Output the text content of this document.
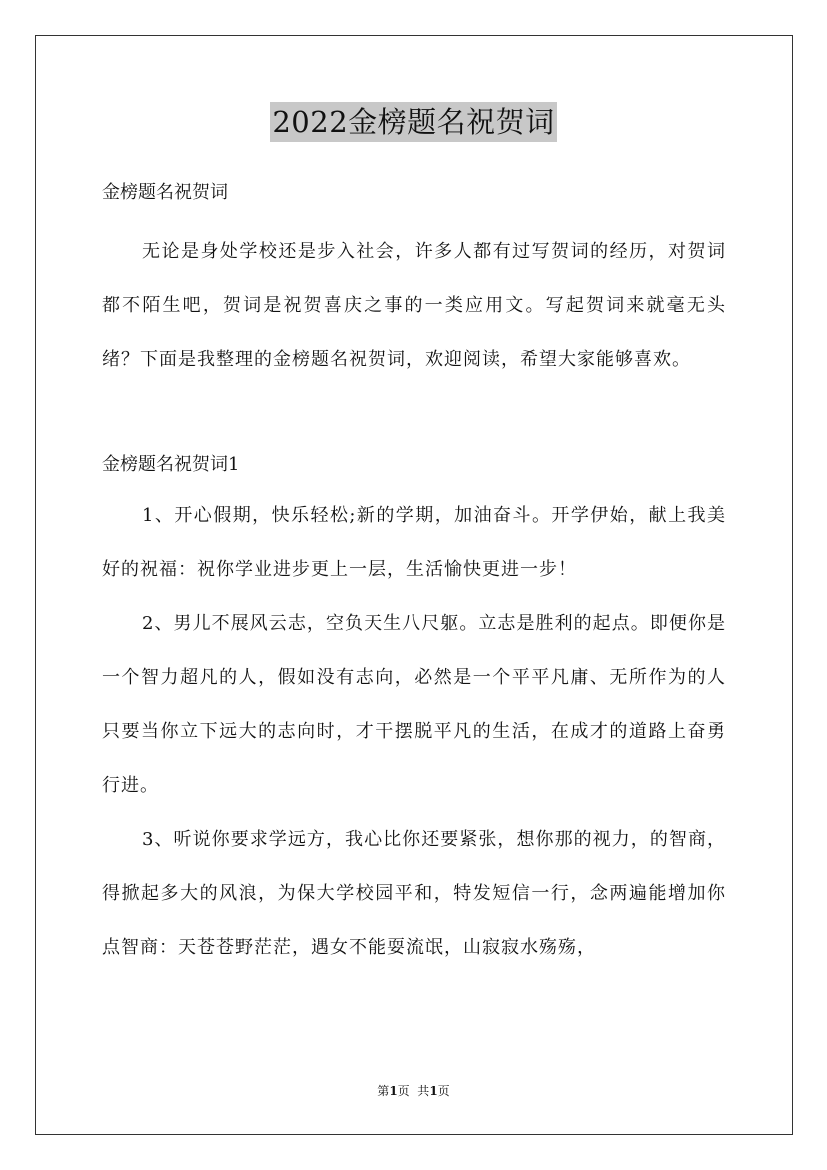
2022金榜题名祝贺词

金榜题名祝贺词

无论是身处学校还是步入社会，许多人都有过写贺词的经历，对贺词都不陌生吧，贺词是祝贺喜庆之事的一类应用文。写起贺词来就毫无头绪？下面是我整理的金榜题名祝贺词，欢迎阅读，希望大家能够喜欢。

金榜题名祝贺词1

1、开心假期，快乐轻松;新的学期，加油奋斗。开学伊始，献上我美好的祝福：祝你学业进步更上一层，生活愉快更进一步！

2、男儿不展风云志，空负天生八尺躯。立志是胜利的起点。即便你是一个智力超凡的人，假如没有志向，必然是一个平平凡庸、无所作为的人只要当你立下远大的志向时，才干摆脱平凡的生活，在成才的道路上奋勇行进。

3、听说你要求学远方，我心比你还要紧张，想你那的视力，的智商，得掀起多大的风浪，为保大学校园平和，特发短信一行，念两遍能增加你点智商：天苍苍野茫茫，遇女不能耍流氓，山寂寂水殇殇，

第1页  共1页
